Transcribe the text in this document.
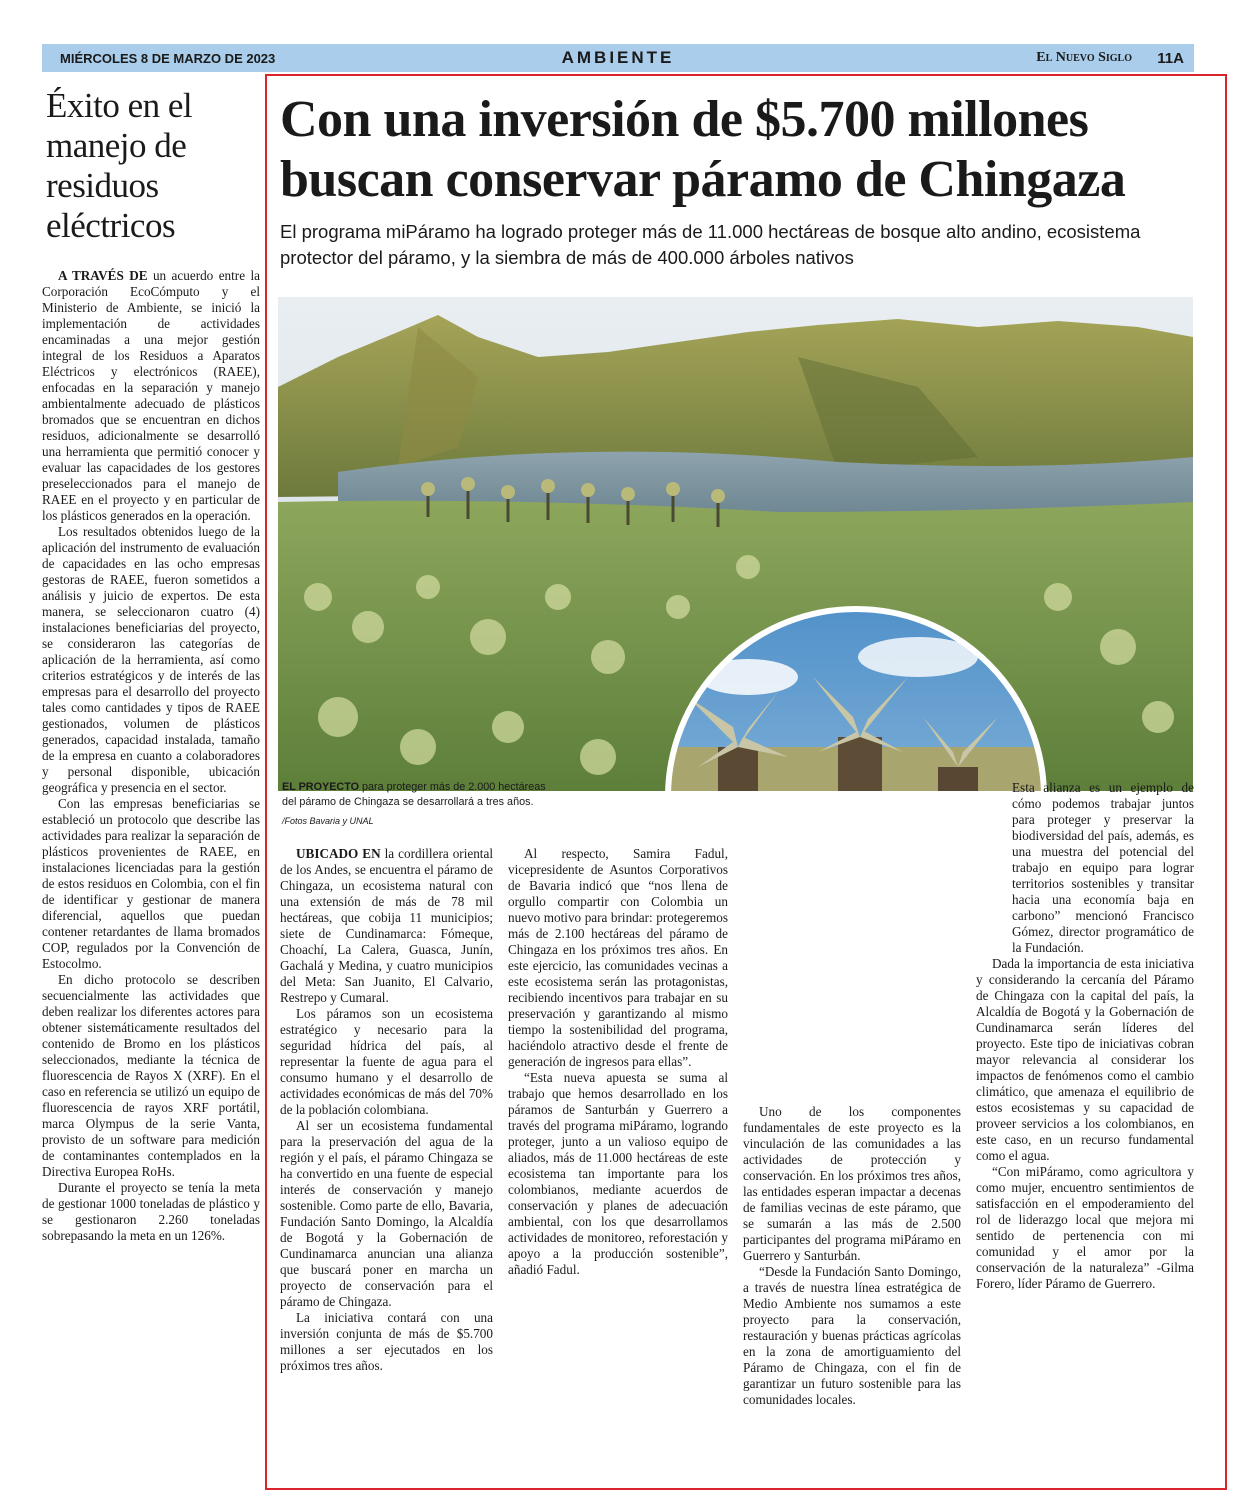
MIÉRCOLES 8 DE MARZO DE 2023	AMBIENTE	El Nuevo Siglo 11A
Éxito en el manejo de residuos eléctricos

A TRAVÉS DE un acuerdo entre la Corporación EcoCómputo y el Ministerio de Ambiente, se inició la implementación de actividades encaminadas a una mejor gestión integral de los Residuos a Aparatos Eléctricos y electrónicos (RAEE), enfocadas en la separación y manejo ambientalmente adecuado de plásticos bromados que se encuentran en dichos residuos, adicionalmente se desarrolló una herramienta que permitió conocer y evaluar las capacidades de los gestores preseleccionados para el manejo de RAEE en el proyecto y en particular de los plásticos generados en la operación.

Los resultados obtenidos luego de la aplicación del instrumento de evaluación de capacidades en las ocho empresas gestoras de RAEE, fueron sometidos a análisis y juicio de expertos. De esta manera, se seleccionaron cuatro (4) instalaciones beneficiarias del proyecto, se consideraron las categorías de aplicación de la herramienta, así como criterios estratégicos y de interés de las empresas para el desarrollo del proyecto tales como cantidades y tipos de RAEE gestionados, volumen de plásticos generados, capacidad instalada, tamaño de la empresa en cuanto a colaboradores y personal disponible, ubicación geográfica y presencia en el sector.

Con las empresas beneficiarias se estableció un protocolo que describe las actividades para realizar la separación de plásticos provenientes de RAEE, en instalaciones licenciadas para la gestión de estos residuos en Colombia, con el fin de identificar y gestionar de manera diferencial, aquellos que puedan contener retardantes de llama bromados COP, regulados por la Convención de Estocolmo.

En dicho protocolo se describen secuencialmente las actividades que deben realizar los diferentes actores para obtener sistemáticamente resultados del contenido de Bromo en los plásticos seleccionados, mediante la técnica de fluorescencia de Rayos X (XRF). En el caso en referencia se utilizó un equipo de fluorescencia de rayos XRF portátil, marca Olympus de la serie Vanta, provisto de un software para medición de contaminantes contemplados en la Directiva Europea RoHs.

Durante el proyecto se tenía la meta de gestionar 1000 toneladas de plástico y se gestionaron 2.260 toneladas sobrepasando la meta en un 126%.

Con una inversión de $5.700 millones buscan conservar páramo de Chingaza

El programa miPáramo ha logrado proteger más de 11.000 hectáreas de bosque alto andino, ecosistema protector del páramo, y la siembra de más de 400.000 árboles nativos

EL PROYECTO para proteger más de 2.000 hectáreas del páramo de Chingaza se desarrollará a tres años.
/Fotos Bavaria y UNAL

UBICADO EN la cordillera oriental de los Andes, se encuentra el páramo de Chingaza, un ecosistema natural con una extensión de más de 78 mil hectáreas, que cobija 11 municipios; siete de Cundinamarca: Fómeque, Choachí, La Calera, Guasca, Junín, Gachalá y Medina, y cuatro municipios del Meta: San Juanito, El Calvario, Restrepo y Cumaral.

Los páramos son un ecosistema estratégico y necesario para la seguridad hídrica del país, al representar la fuente de agua para el consumo humano y el desarrollo de actividades económicas de más del 70% de la población colombiana.

Al ser un ecosistema fundamental para la preservación del agua de la región y el país, el páramo Chingaza se ha convertido en una fuente de especial interés de conservación y manejo sostenible. Como parte de ello, Bavaria, Fundación Santo Domingo, la Alcaldía de Bogotá y la Gobernación de Cundinamarca anuncian una alianza que buscará poner en marcha un proyecto de conservación para el páramo de Chingaza.

La iniciativa contará con una inversión conjunta de más de $5.700 millones a ser ejecutados en los próximos tres años.

Al respecto, Samira Fadul, vicepresidente de Asuntos Corporativos de Bavaria indicó que “nos llena de orgullo compartir con Colombia un nuevo motivo para brindar: protegeremos más de 2.100 hectáreas del páramo de Chingaza en los próximos tres años. En este ejercicio, las comunidades vecinas a este ecosistema serán las protagonistas, recibiendo incentivos para trabajar en su preservación y garantizando al mismo tiempo la sostenibilidad del programa, haciéndolo atractivo desde el frente de generación de ingresos para ellas”.

“Esta nueva apuesta se suma al trabajo que hemos desarrollado en los páramos de Santurbán y Guerrero a través del programa miPáramo, logrando proteger, junto a un valioso equipo de aliados, más de 11.000 hectáreas de este ecosistema tan importante para los colombianos, mediante acuerdos de conservación y planes de adecuación ambiental, con los que desarrollamos actividades de monitoreo, reforestación y apoyo a la producción sostenible”, añadió Fadul.

Uno de los componentes fundamentales de este proyecto es la vinculación de las comunidades a las actividades de protección y conservación. En los próximos tres años, las entidades esperan impactar a decenas de familias vecinas de este páramo, que se sumarán a las más de 2.500 participantes del programa miPáramo en Guerrero y Santurbán.

“Desde la Fundación Santo Domingo, a través de nuestra línea estratégica de Medio Ambiente nos sumamos a este proyecto para la conservación, restauración y buenas prácticas agrícolas en la zona de amortiguamiento del Páramo de Chingaza, con el fin de garantizar un futuro sostenible para las comunidades locales.

Esta alianza es un ejemplo de cómo podemos trabajar juntos para proteger y preservar la biodiversidad del país, además, es una muestra del potencial del trabajo en equipo para lograr territorios sostenibles y transitar hacia una economía baja en carbono” mencionó Francisco Gómez, director programático de la Fundación.

Dada la importancia de esta iniciativa y considerando la cercanía del Páramo de Chingaza con la capital del país, la Alcaldía de Bogotá y la Gobernación de Cundinamarca serán líderes del proyecto. Este tipo de iniciativas cobran mayor relevancia al considerar los impactos de fenómenos como el cambio climático, que amenaza el equilibrio de estos ecosistemas y su capacidad de proveer servicios a los colombianos, en este caso, en un recurso fundamental como el agua.

“Con miPáramo, como agricultora y como mujer, encuentro sentimientos de satisfacción en el empoderamiento del rol de liderazgo local que mejora mi sentido de pertenencia con mi comunidad y el amor por la conservación de la naturaleza” -Gilma Forero, líder Páramo de Guerrero.
